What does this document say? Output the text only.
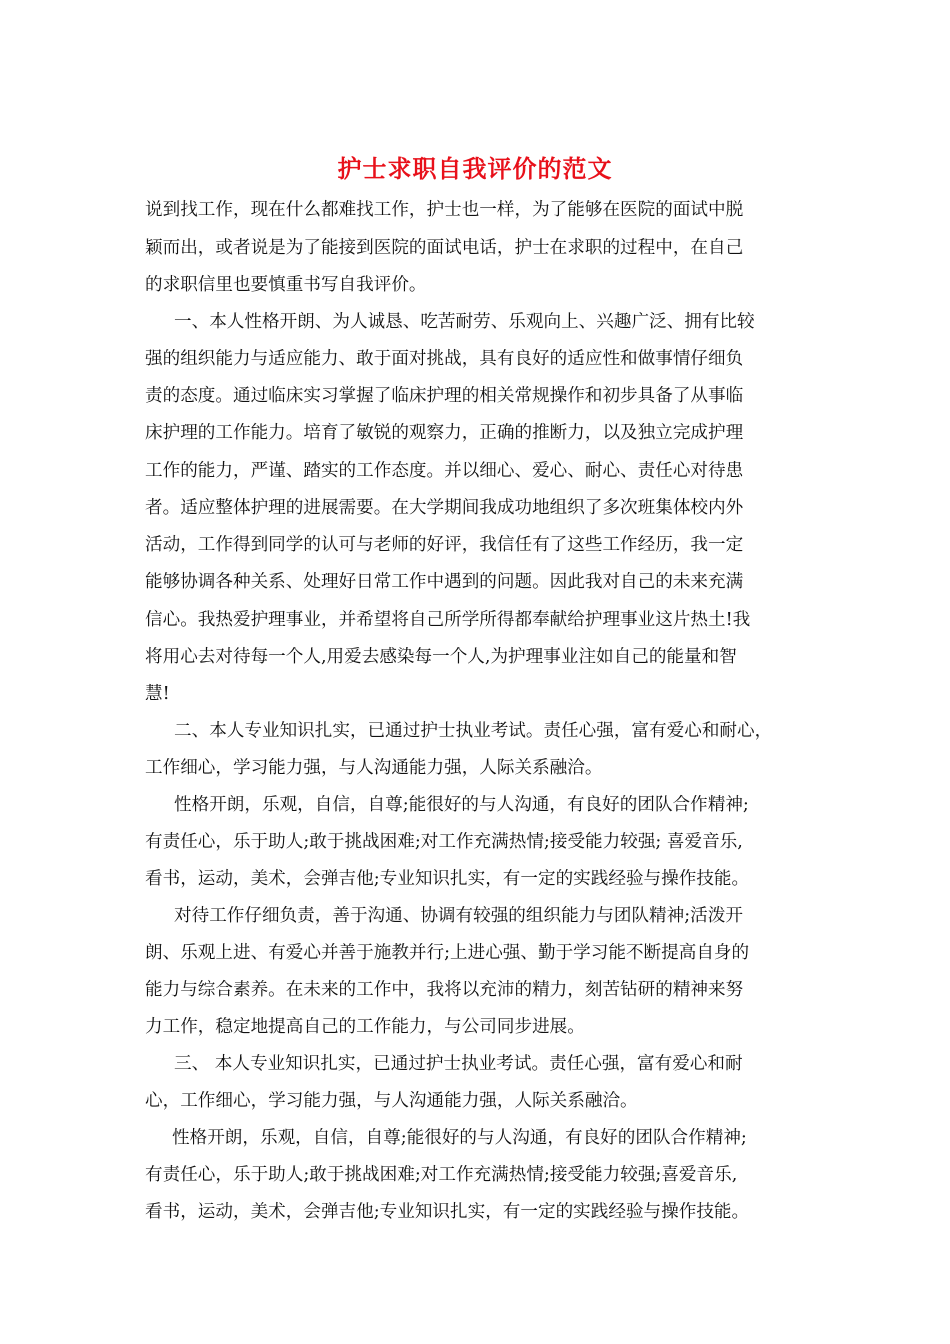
护士求职自我评价的范文
说到找工作，现在什么都难找工作，护士也一样，为了能够在医院的面试中脱
颖而出，或者说是为了能接到医院的面试电话，护士在求职的过程中，在自己
的求职信里也要慎重书写自我评价。
一、本人性格开朗、为人诚恳、吃苦耐劳、乐观向上、兴趣广泛、拥有比较
强的组织能力与适应能力、敢于面对挑战，具有良好的适应性和做事情仔细负
责的态度。通过临床实习掌握了临床护理的相关常规操作和初步具备了从事临
床护理的工作能力。培育了敏锐的观察力，正确的推断力，以及独立完成护理
工作的能力，严谨、踏实的工作态度。并以细心、爱心、耐心、责任心对待患
者。适应整体护理的进展需要。在大学期间我成功地组织了多次班集体校内外
活动，工作得到同学的认可与老师的好评，我信任有了这些工作经历，我一定
能够协调各种关系、处理好日常工作中遇到的问题。因此我对自己的未来充满
信心。我热爱护理事业，并希望将自己所学所得都奉献给护理事业这片热土!我
将用心去对待每一个人,用爱去感染每一个人,为护理事业注如自己的能量和智
慧!
二、本人专业知识扎实，已通过护士执业考试。责任心强，富有爱心和耐心，
工作细心，学习能力强，与人沟通能力强，人际关系融洽。
性格开朗，乐观，自信，自尊;能很好的与人沟通，有良好的团队合作精神;
有责任心，乐于助人;敢于挑战困难;对工作充满热情;接受能力较强; 喜爱音乐,
看书，运动，美术，会弹吉他;专业知识扎实，有一定的实践经验与操作技能。
对待工作仔细负责，善于沟通、协调有较强的组织能力与团队精神;活泼开
朗、乐观上进、有爱心并善于施教并行;上进心强、勤于学习能不断提高自身的
能力与综合素养。在未来的工作中，我将以充沛的精力，刻苦钻研的精神来努
力工作，稳定地提高自己的工作能力，与公司同步进展。
三、 本人专业知识扎实，已通过护士执业考试。责任心强，富有爱心和耐
心，工作细心，学习能力强，与人沟通能力强，人际关系融洽。
性格开朗，乐观，自信，自尊;能很好的与人沟通，有良好的团队合作精神;
有责任心，乐于助人;敢于挑战困难;对工作充满热情;接受能力较强;喜爱音乐,
看书，运动，美术，会弹吉他;专业知识扎实，有一定的实践经验与操作技能。
